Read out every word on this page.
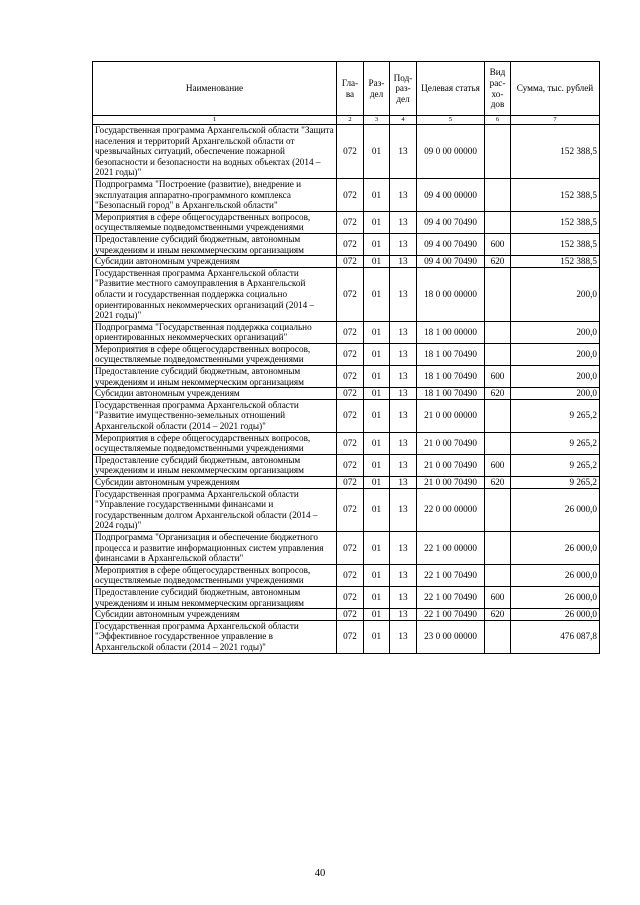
Наименование	Гла-ва	Раз-дел	Под-раз-дел	Целевая статья	Вид рас-хо-дов	Сумма, тыс. рублей
1	2	3	4	5	6	7
Государственная программа Архангельской области "Защита населения и территорий Архангельской области от чрезвычайных ситуаций, обеспечение пожарной безопасности и безопасности на водных объектах (2014 – 2021 годы)"	072	01	13	09 0 00 00000		152 388,5
Подпрограмма "Построение (развитие), внедрение и эксплуатация аппаратно-программного комплекса "Безопасный город" в Архангельской области"	072	01	13	09 4 00 00000		152 388,5
Мероприятия в сфере общегосударственных вопросов, осуществляемые подведомственными учреждениями	072	01	13	09 4 00 70490		152 388,5
Предоставление субсидий бюджетным, автономным учреждениям и иным некоммерческим организациям	072	01	13	09 4 00 70490	600	152 388,5
Субсидии автономным учреждениям	072	01	13	09 4 00 70490	620	152 388,5
Государственная программа Архангельской области "Развитие местного самоуправления в Архангельской области и государственная поддержка социально ориентированных некоммерческих организаций (2014 – 2021 годы)"	072	01	13	18 0 00 00000		200,0
Подпрограмма "Государственная поддержка социально ориентированных некоммерческих организаций"	072	01	13	18 1 00 00000		200,0
Мероприятия в сфере общегосударственных вопросов, осуществляемые подведомственными учреждениями	072	01	13	18 1 00 70490		200,0
Предоставление субсидий бюджетным, автономным учреждениям и иным некоммерческим организациям	072	01	13	18 1 00 70490	600	200,0
Субсидии автономным учреждениям	072	01	13	18 1 00 70490	620	200,0
Государственная программа Архангельской области "Развитие имущественно-земельных отношений Архангельской области (2014 – 2021 годы)"	072	01	13	21 0 00 00000		9 265,2
Мероприятия в сфере общегосударственных вопросов, осуществляемые подведомственными учреждениями	072	01	13	21 0 00 70490		9 265,2
Предоставление субсидий бюджетным, автономным учреждениям и иным некоммерческим организациям	072	01	13	21 0 00 70490	600	9 265,2
Субсидии автономным учреждениям	072	01	13	21 0 00 70490	620	9 265,2
Государственная программа Архангельской области "Управление государственными финансами и государственным долгом Архангельской области (2014 – 2024 годы)"	072	01	13	22 0 00 00000		26 000,0
Подпрограмма "Организация и обеспечение бюджетного процесса и развитие информационных систем управления финансами в Архангельской области"	072	01	13	22 1 00 00000		26 000,0
Мероприятия в сфере общегосударственных вопросов, осуществляемые подведомственными учреждениями	072	01	13	22 1 00 70490		26 000,0
Предоставление субсидий бюджетным, автономным учреждениям и иным некоммерческим организациям	072	01	13	22 1 00 70490	600	26 000,0
Субсидии автономным учреждениям	072	01	13	22 1 00 70490	620	26 000,0
Государственная программа Архангельской области "Эффективное государственное управление в Архангельской области (2014 – 2021 годы)"	072	01	13	23 0 00 00000		476 087,8
40
